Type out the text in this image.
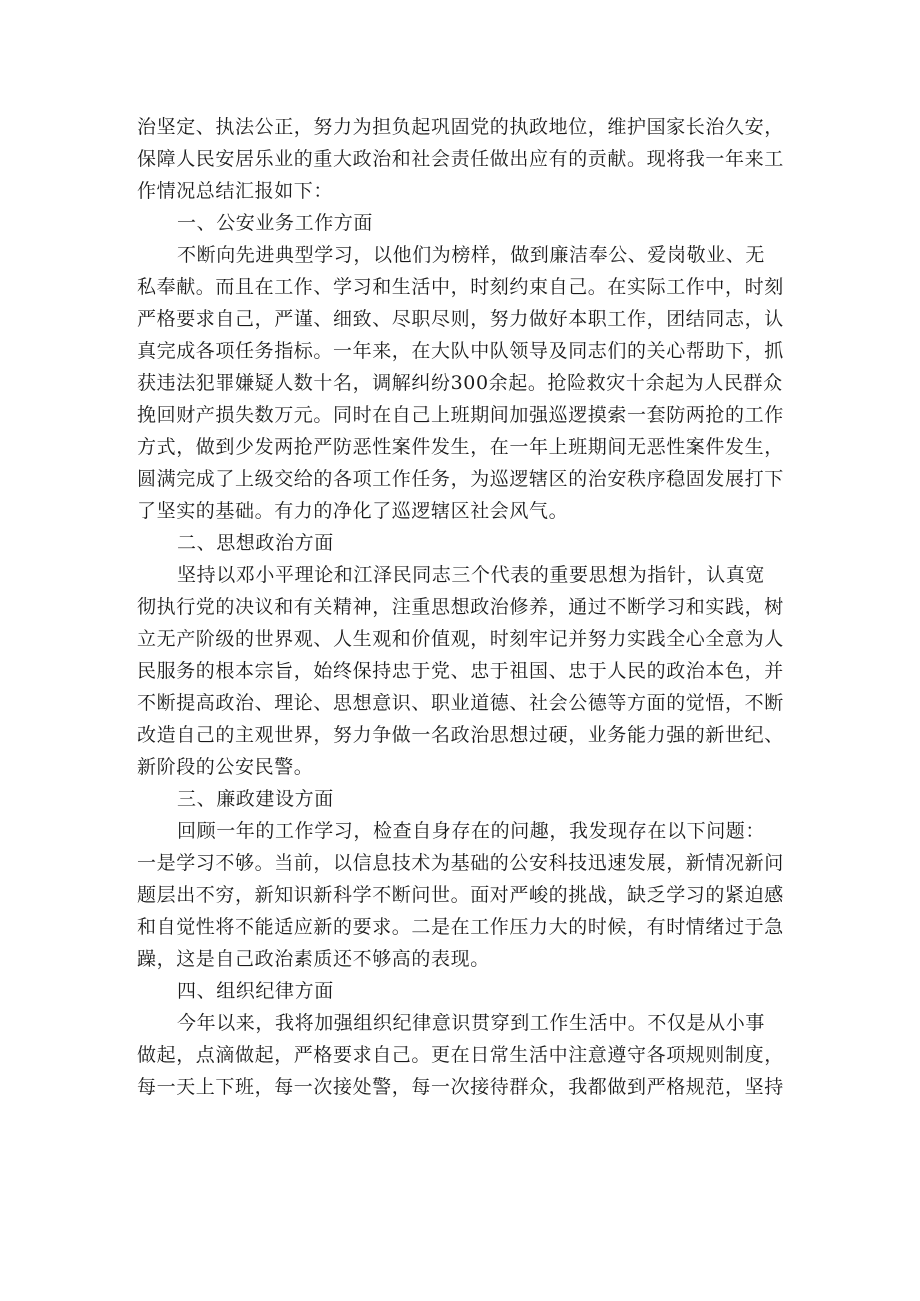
治坚定、执法公正，努力为担负起巩固党的执政地位，维护国家长治久安，
保障人民安居乐业的重大政治和社会责任做出应有的贡献。现将我一年来工
作情况总结汇报如下：

一、公安业务工作方面

不断向先进典型学习，以他们为榜样，做到廉洁奉公、爱岗敬业、无
私奉献。而且在工作、学习和生活中，时刻约束自己。在实际工作中，时刻
严格要求自己，严谨、细致、尽职尽则，努力做好本职工作，团结同志，认
真完成各项任务指标。一年来，在大队中队领导及同志们的关心帮助下，抓
获违法犯罪嫌疑人数十名，调解纠纷300余起。抢险救灾十余起为人民群众
挽回财产损失数万元。同时在自己上班期间加强巡逻摸索一套防两抢的工作
方式，做到少发两抢严防恶性案件发生，在一年上班期间无恶性案件发生，
圆满完成了上级交给的各项工作任务，为巡逻辖区的治安秩序稳固发展打下
了坚实的基础。有力的净化了巡逻辖区社会风气。

二、思想政治方面

坚持以邓小平理论和江泽民同志三个代表的重要思想为指针，认真宽
彻执行党的决议和有关精神，注重思想政治修养，通过不断学习和实践，树
立无产阶级的世界观、人生观和价值观，时刻牢记并努力实践全心全意为人
民服务的根本宗旨，始终保持忠于党、忠于祖国、忠于人民的政治本色，并
不断提高政治、理论、思想意识、职业道德、社会公德等方面的觉悟，不断
改造自己的主观世界，努力争做一名政治思想过硬，业务能力强的新世纪、
新阶段的公安民警。

三、廉政建设方面

回顾一年的工作学习，检查自身存在的问趣，我发现存在以下问题：
一是学习不够。当前，以信息技术为基础的公安科技迅速发展，新情况新问
题层出不穷，新知识新科学不断问世。面对严峻的挑战，缺乏学习的紧迫感
和自觉性将不能适应新的要求。二是在工作压力大的时候，有时情绪过于急
躁，这是自己政治素质还不够高的表现。

四、组织纪律方面

今年以来，我将加强组织纪律意识贯穿到工作生活中。不仅是从小事
做起，点滴做起，严格要求自己。更在日常生活中注意遵守各项规则制度，
每一天上下班，每一次接处警，每一次接待群众，我都做到严格规范，坚持
